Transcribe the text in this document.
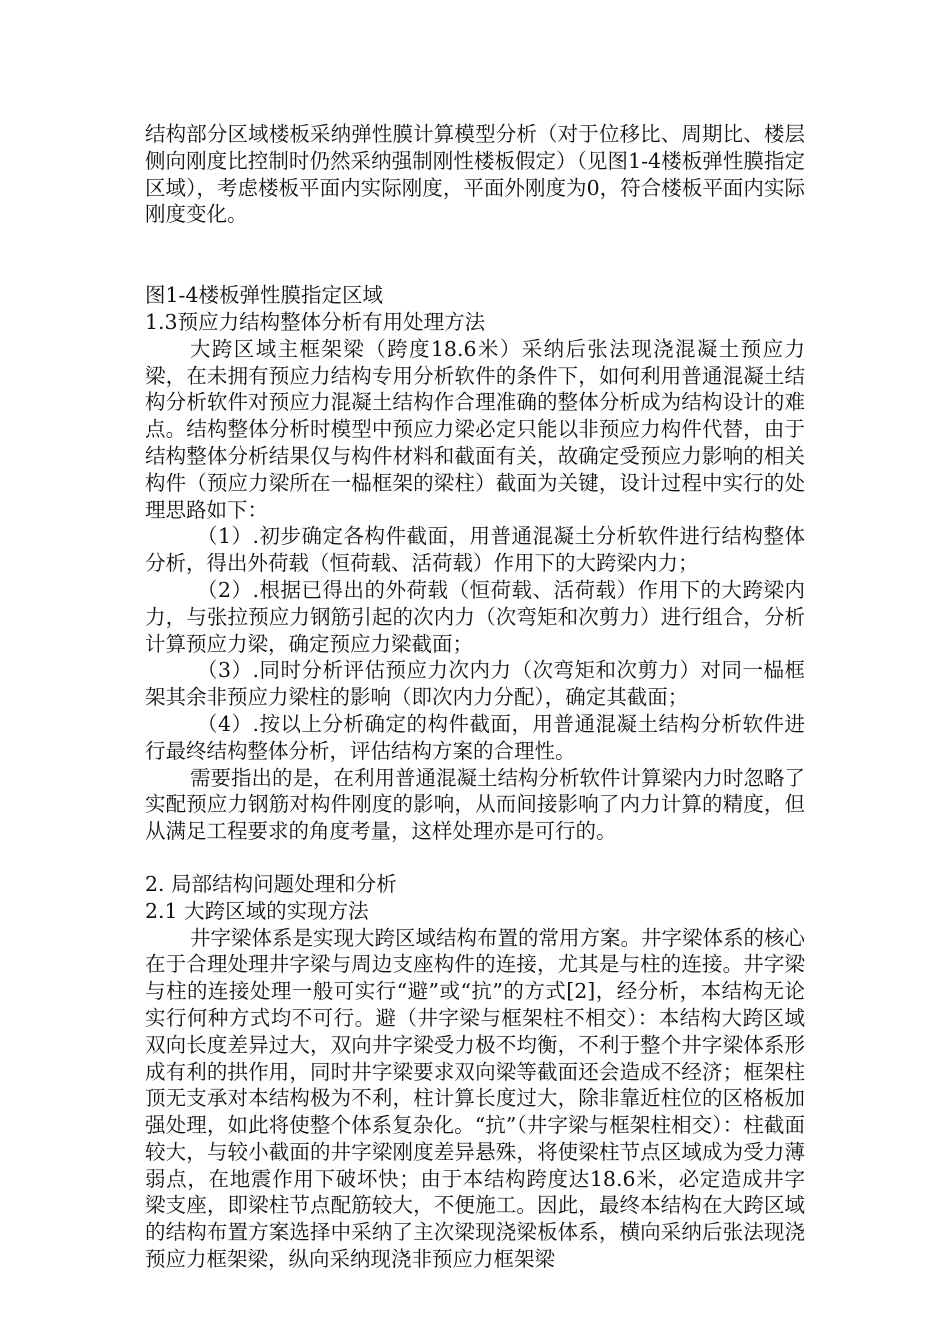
结构部分区域楼板采纳弹性膜计算模型分析（对于位移比、周期比、楼层侧向刚度比控制时仍然采纳强制刚性楼板假定）（见图1-4楼板弹性膜指定区域），考虑楼板平面内实际刚度，平面外刚度为0，符合楼板平面内实际刚度变化。

图1-4楼板弹性膜指定区域

1.3预应力结构整体分析有用处理方法

大跨区域主框架梁（跨度18.6米）采纳后张法现浇混凝土预应力梁，在未拥有预应力结构专用分析软件的条件下，如何利用普通混凝土结构分析软件对预应力混凝土结构作合理准确的整体分析成为结构设计的难点。结构整体分析时模型中预应力梁必定只能以非预应力构件代替，由于结构整体分析结果仅与构件材料和截面有关，故确定受预应力影响的相关构件（预应力梁所在一榀框架的梁柱）截面为关键，设计过程中实行的处理思路如下：

（1）.初步确定各构件截面，用普通混凝土分析软件进行结构整体分析，得出外荷载（恒荷载、活荷载）作用下的大跨梁内力；

（2）.根据已得出的外荷载（恒荷载、活荷载）作用下的大跨梁内力，与张拉预应力钢筋引起的次内力（次弯矩和次剪力）进行组合，分析计算预应力梁，确定预应力梁截面；

（3）.同时分析评估预应力次内力（次弯矩和次剪力）对同一榀框架其余非预应力梁柱的影响（即次内力分配），确定其截面；

（4）.按以上分析确定的构件截面，用普通混凝土结构分析软件进行最终结构整体分析，评估结构方案的合理性。

需要指出的是，在利用普通混凝土结构分析软件计算梁内力时忽略了实配预应力钢筋对构件刚度的影响，从而间接影响了内力计算的精度，但从满足工程要求的角度考量，这样处理亦是可行的。

2. 局部结构问题处理和分析

2.1 大跨区域的实现方法

井字梁体系是实现大跨区域结构布置的常用方案。井字梁体系的核心在于合理处理井字梁与周边支座构件的连接，尤其是与柱的连接。井字梁与柱的连接处理一般可实行“避”或“抗”的方式[2]，经分析，本结构无论实行何种方式均不可行。避（井字梁与框架柱不相交）：本结构大跨区域双向长度差异过大，双向井字梁受力极不均衡，不利于整个井字梁体系形成有利的拱作用，同时井字梁要求双向梁等截面还会造成不经济；框架柱顶无支承对本结构极为不利，柱计算长度过大，除非靠近柱位的区格板加强处理，如此将使整个体系复杂化。“抗”（井字梁与框架柱相交）：柱截面较大，与较小截面的井字梁刚度差异悬殊，将使梁柱节点区域成为受力薄弱点，在地震作用下破坏快；由于本结构跨度达18.6米，必定造成井字梁支座，即梁柱节点配筋较大，不便施工。因此，最终本结构在大跨区域的结构布置方案选择中采纳了主次梁现浇梁板体系，横向采纳后张法现浇预应力框架梁，纵向采纳现浇非预应力框架梁
